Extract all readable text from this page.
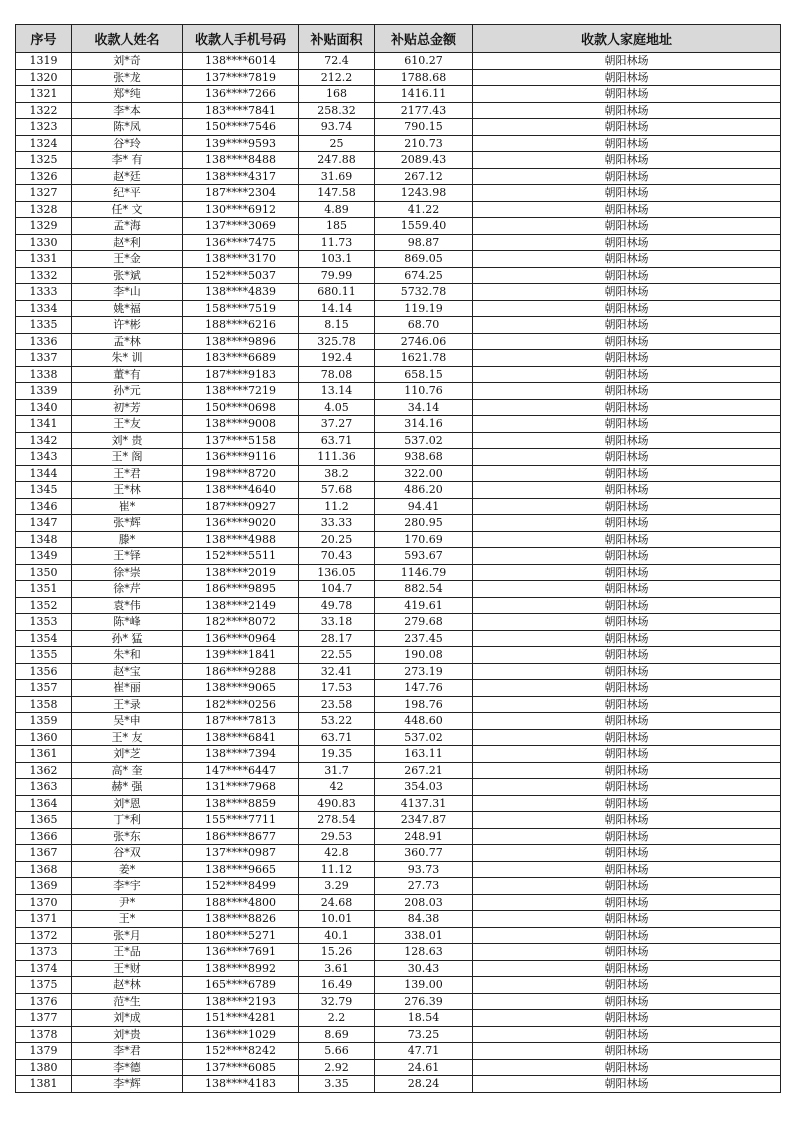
序号	收款人姓名	收款人手机号码	补贴面积	补贴总金额	收款人家庭地址
1319	刘*奇	138****6014	72.4	610.27	朝阳林场
1320	张*龙	137****7819	212.2	1788.68	朝阳林场
1321	郑*纯	136****7266	168	1416.11	朝阳林场
1322	李*本	183****7841	258.32	2177.43	朝阳林场
1323	陈*凤	150****7546	93.74	790.15	朝阳林场
1324	谷*玲	139****9593	25	210.73	朝阳林场
1325	李* 有	138****8488	247.88	2089.43	朝阳林场
1326	赵*廷	138****4317	31.69	267.12	朝阳林场
1327	纪*平	187****2304	147.58	1243.98	朝阳林场
1328	任* 文	130****6912	4.89	41.22	朝阳林场
1329	孟*海	137****3069	185	1559.40	朝阳林场
1330	赵*利	136****7475	11.73	98.87	朝阳林场
1331	王*金	138****3170	103.1	869.05	朝阳林场
1332	张*斌	152****5037	79.99	674.25	朝阳林场
1333	李*山	138****4839	680.11	5732.78	朝阳林场
1334	姚*福	158****7519	14.14	119.19	朝阳林场
1335	许*彬	188****6216	8.15	68.70	朝阳林场
1336	孟*林	138****9896	325.78	2746.06	朝阳林场
1337	朱* 训	183****6689	192.4	1621.78	朝阳林场
1338	董*有	187****9183	78.08	658.15	朝阳林场
1339	孙*元	138****7219	13.14	110.76	朝阳林场
1340	初*芳	150****0698	4.05	34.14	朝阳林场
1341	王*友	138****9008	37.27	314.16	朝阳林场
1342	刘* 贵	137****5158	63.71	537.02	朝阳林场
1343	王* 阁	136****9116	111.36	938.68	朝阳林场
1344	王*君	198****8720	38.2	322.00	朝阳林场
1345	王*林	138****4640	57.68	486.20	朝阳林场
1346	崔*	187****0927	11.2	94.41	朝阳林场
1347	张*辉	136****9020	33.33	280.95	朝阳林场
1348	滕*	138****4988	20.25	170.69	朝阳林场
1349	王*铎	152****5511	70.43	593.67	朝阳林场
1350	徐*崇	138****2019	136.05	1146.79	朝阳林场
1351	徐*芹	186****9895	104.7	882.54	朝阳林场
1352	袁*伟	138****2149	49.78	419.61	朝阳林场
1353	陈*峰	182****8072	33.18	279.68	朝阳林场
1354	孙* 猛	136****0964	28.17	237.45	朝阳林场
1355	朱*和	139****1841	22.55	190.08	朝阳林场
1356	赵*宝	186****9288	32.41	273.19	朝阳林场
1357	崔*丽	138****9065	17.53	147.76	朝阳林场
1358	王*录	182****0256	23.58	198.76	朝阳林场
1359	吴*申	187****7813	53.22	448.60	朝阳林场
1360	王* 友	138****6841	63.71	537.02	朝阳林场
1361	刘*芝	138****7394	19.35	163.11	朝阳林场
1362	高* 奎	147****6447	31.7	267.21	朝阳林场
1363	赫* 强	131****7968	42	354.03	朝阳林场
1364	刘*恩	138****8859	490.83	4137.31	朝阳林场
1365	丁*利	155****7711	278.54	2347.87	朝阳林场
1366	张*东	186****8677	29.53	248.91	朝阳林场
1367	谷*双	137****0987	42.8	360.77	朝阳林场
1368	姜*	138****9665	11.12	93.73	朝阳林场
1369	李*宇	152****8499	3.29	27.73	朝阳林场
1370	尹*	188****4800	24.68	208.03	朝阳林场
1371	王*	138****8826	10.01	84.38	朝阳林场
1372	张*月	180****5271	40.1	338.01	朝阳林场
1373	王*品	136****7691	15.26	128.63	朝阳林场
1374	王*财	138****8992	3.61	30.43	朝阳林场
1375	赵*林	165****6789	16.49	139.00	朝阳林场
1376	范*生	138****2193	32.79	276.39	朝阳林场
1377	刘*成	151****4281	2.2	18.54	朝阳林场
1378	刘*贵	136****1029	8.69	73.25	朝阳林场
1379	李*君	152****8242	5.66	47.71	朝阳林场
1380	李*德	137****6085	2.92	24.61	朝阳林场
1381	李*辉	138****4183	3.35	28.24	朝阳林场
